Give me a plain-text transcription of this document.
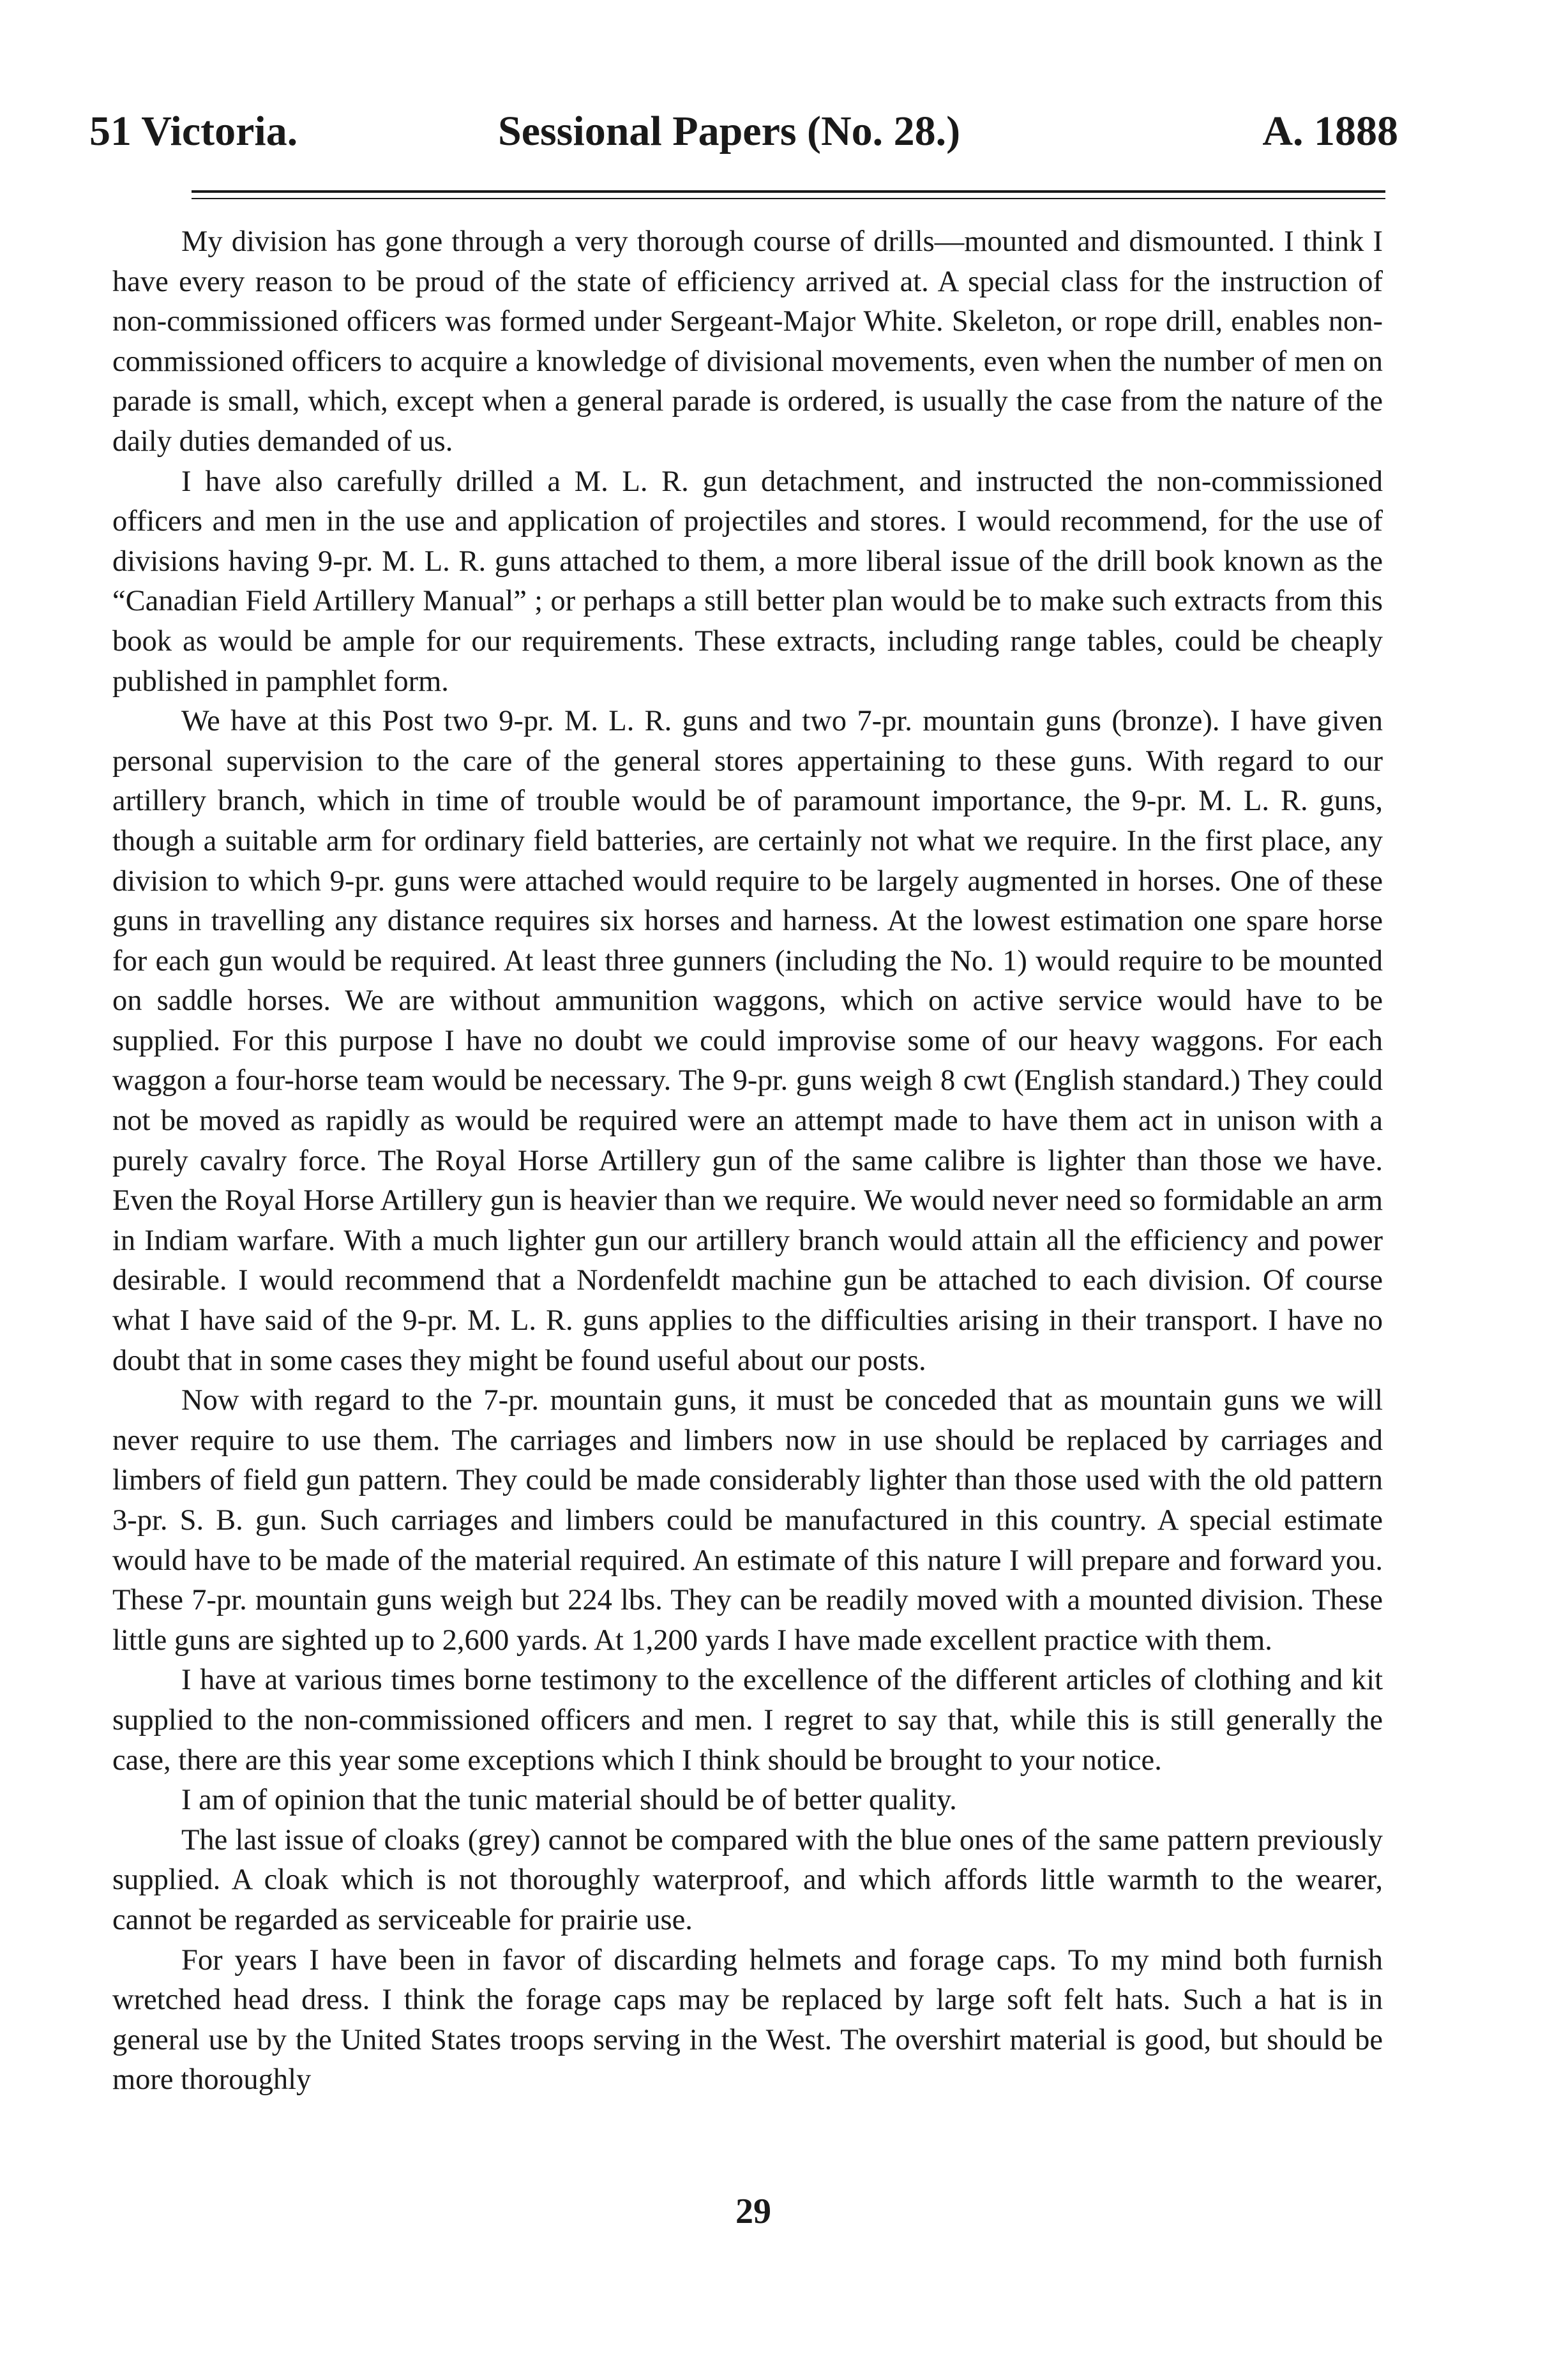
51 Victoria.	Sessional Papers (No. 28.)	A. 1888

My division has gone through a very thorough course of drills—mounted and dismounted. I think I have every reason to be proud of the state of efficiency arrived at. A special class for the instruction of non-commissioned officers was formed under Sergeant-Major White. Skeleton, or rope drill, enables non-commissioned officers to acquire a knowledge of divisional movements, even when the number of men on parade is small, which, except when a general parade is ordered, is usually the case from the nature of the daily duties demanded of us.

I have also carefully drilled a M. L. R. gun detachment, and instructed the non-commissioned officers and men in the use and application of projectiles and stores. I would recommend, for the use of divisions having 9-pr. M. L. R. guns attached to them, a more liberal issue of the drill book known as the “Canadian Field Artillery Manual” ; or perhaps a still better plan would be to make such extracts from this book as would be ample for our requirements. These extracts, including range tables, could be cheaply published in pamphlet form.

We have at this Post two 9-pr. M. L. R. guns and two 7-pr. mountain guns (bronze). I have given personal supervision to the care of the general stores appertaining to these guns. With regard to our artillery branch, which in time of trouble would be of paramount importance, the 9-pr. M. L. R. guns, though a suitable arm for ordinary field batteries, are certainly not what we require. In the first place, any division to which 9-pr. guns were attached would require to be largely augmented in horses. One of these guns in travelling any distance requires six horses and harness. At the lowest estimation one spare horse for each gun would be required. At least three gunners (including the No. 1) would require to be mounted on saddle horses. We are without ammunition waggons, which on active service would have to be supplied. For this purpose I have no doubt we could improvise some of our heavy waggons. For each waggon a four-horse team would be necessary. The 9-pr. guns weigh 8 cwt (English standard.) They could not be moved as rapidly as would be required were an attempt made to have them act in unison with a purely cavalry force. The Royal Horse Artillery gun of the same calibre is lighter than those we have. Even the Royal Horse Artillery gun is heavier than we require. We would never need so formidable an arm in Indiam warfare. With a much lighter gun our artillery branch would attain all the efficiency and power desirable. I would recommend that a Nordenfeldt machine gun be attached to each division. Of course what I have said of the 9-pr. M. L. R. guns applies to the difficulties arising in their transport. I have no doubt that in some cases they might be found useful about our posts.

Now with regard to the 7-pr. mountain guns, it must be conceded that as mountain guns we will never require to use them. The carriages and limbers now in use should be replaced by carriages and limbers of field gun pattern. They could be made considerably lighter than those used with the old pattern 3-pr. S. B. gun. Such carriages and limbers could be manufactured in this country. A special estimate would have to be made of the material required. An estimate of this nature I will prepare and forward you. These 7-pr. mountain guns weigh but 224 lbs. They can be readily moved with a mounted division. These little guns are sighted up to 2,600 yards. At 1,200 yards I have made excellent practice with them.

I have at various times borne testimony to the excellence of the different articles of clothing and kit supplied to the non-commissioned officers and men. I regret to say that, while this is still generally the case, there are this year some exceptions which I think should be brought to your notice.

I am of opinion that the tunic material should be of better quality.

The last issue of cloaks (grey) cannot be compared with the blue ones of the same pattern previously supplied. A cloak which is not thoroughly waterproof, and which affords little warmth to the wearer, cannot be regarded as serviceable for prairie use.

For years I have been in favor of discarding helmets and forage caps. To my mind both furnish wretched head dress. I think the forage caps may be replaced by large soft felt hats. Such a hat is in general use by the United States troops serving in the West. The overshirt material is good, but should be more thoroughly

29
